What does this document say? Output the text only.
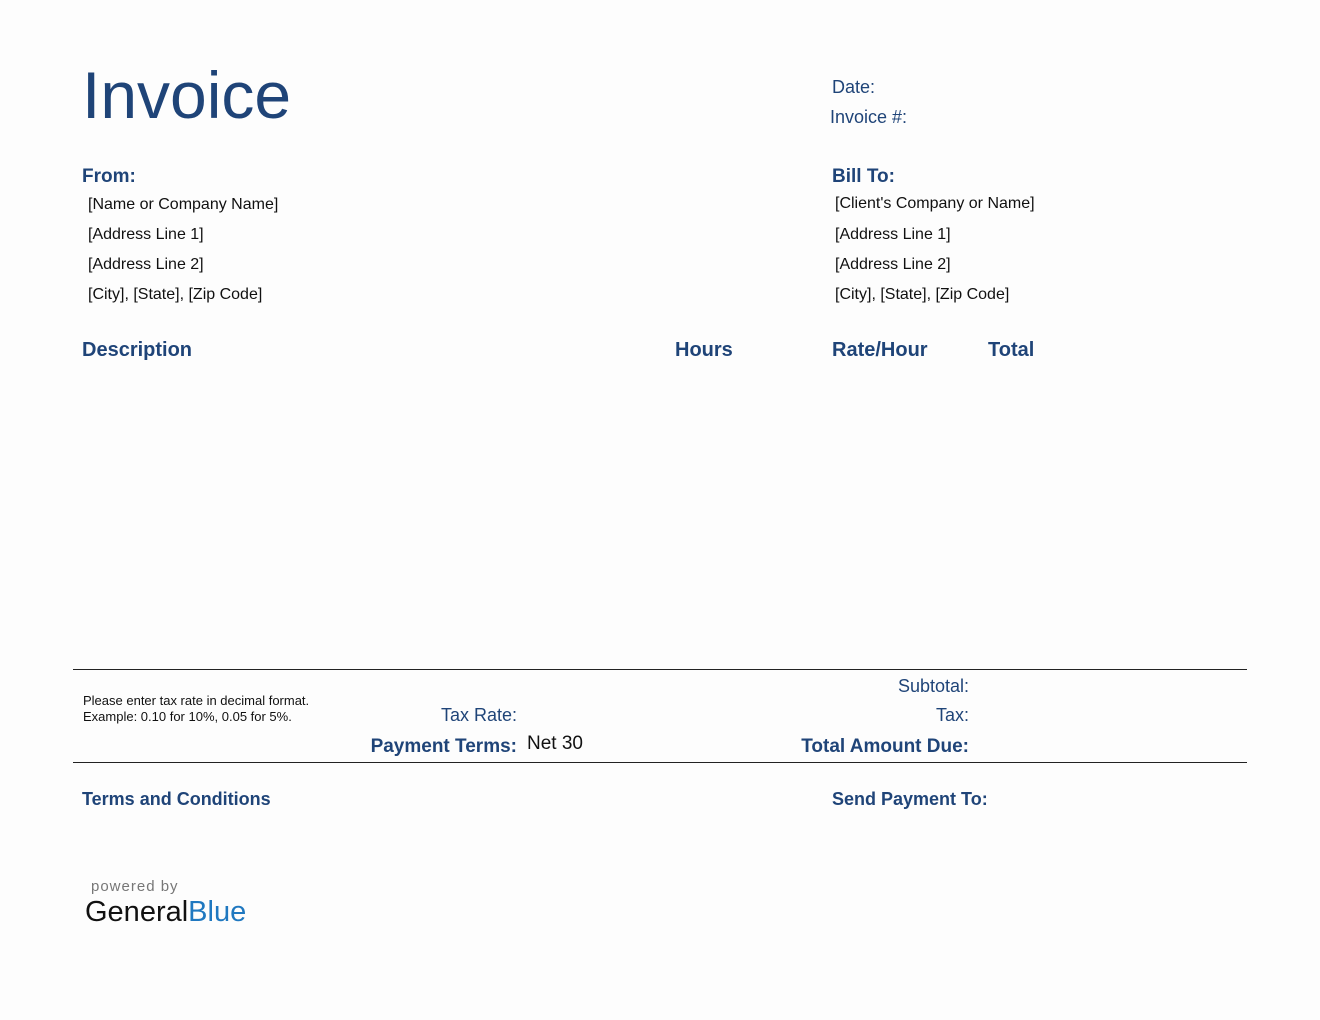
Invoice	Date:
Invoice #:
From:
[Name or Company Name]
[Address Line 1]
[Address Line 2]
[City], [State], [Zip Code]
Bill To:
[Client's Company or Name]
[Address Line 1]
[Address Line 2]
[City], [State], [Zip Code]
Description	Hours	Rate/Hour	Total
Please enter tax rate in decimal format.
Example: 0.10 for 10%, 0.05 for 5%.	Tax Rate:
Payment Terms: Net 30
Subtotal:
Tax:
Total Amount Due:
Terms and Conditions	Send Payment To:
powered by
GeneralBlue
